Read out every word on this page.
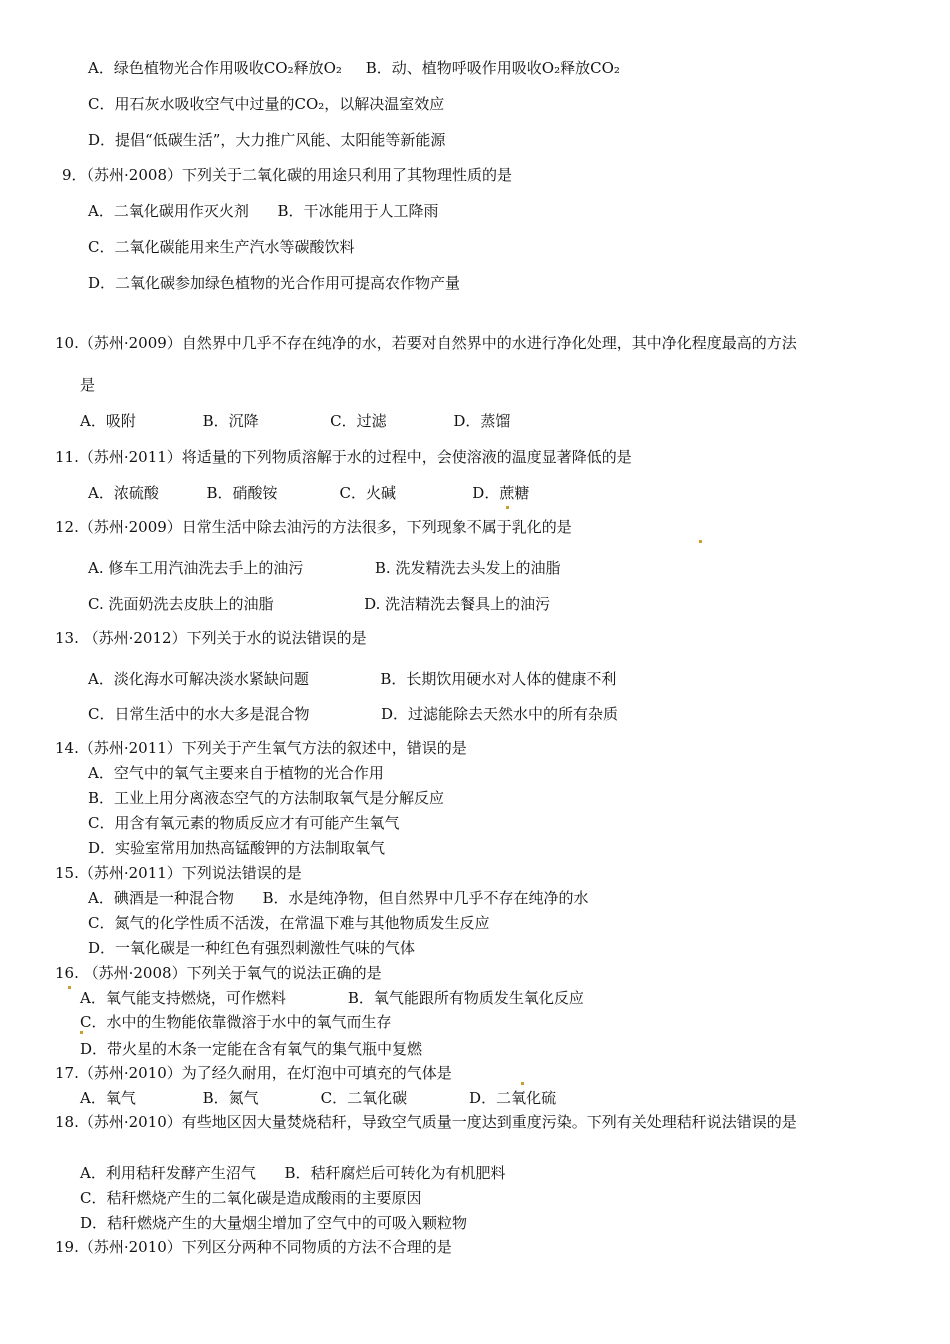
A．绿色植物光合作用吸收CO₂释放O₂     B．动、植物呼吸作用吸收O₂释放CO₂
C．用石灰水吸收空气中过量的CO₂，以解决温室效应
D．提倡“低碳生活”，大力推广风能、太阳能等新能源
9．（苏州·2008）下列关于二氧化碳的用途只利用了其物理性质的是
A．二氧化碳用作灭火剂      B．干冰能用于人工降雨
C．二氧化碳能用来生产汽水等碳酸饮料
D．二氧化碳参加绿色植物的光合作用可提高农作物产量
10.（苏州·2009）自然界中几乎不存在纯净的水，若要对自然界中的水进行净化处理，其中净化程度最高的方法
是
A．吸附              B．沉降               C．过滤              D．蒸馏
11.（苏州·2011）将适量的下列物质溶解于水的过程中，会使溶液的温度显著降低的是
A．浓硫酸          B．硝酸铵             C．火碱                D．蔗糖
12.（苏州·2009）日常生活中除去油污的方法很多，下列现象不属于乳化的是
A. 修车工用汽油洗去手上的油污               B. 洗发精洗去头发上的油脂
C. 洗面奶洗去皮肤上的油脂                   D. 洗洁精洗去餐具上的油污
13. （苏州·2012）下列关于水的说法错误的是
A．淡化海水可解决淡水紧缺问题               B．长期饮用硬水对人体的健康不利
C．日常生活中的水大多是混合物               D．过滤能除去天然水中的所有杂质
14.（苏州·2011）下列关于产生氧气方法的叙述中，错误的是
A．空气中的氧气主要来自于植物的光合作用
B．工业上用分离液态空气的方法制取氧气是分解反应
C．用含有氧元素的物质反应才有可能产生氧气
D．实验室常用加热高锰酸钾的方法制取氧气
15.（苏州·2011）下列说法错误的是
A．碘酒是一种混合物      B．水是纯净物，但自然界中几乎不存在纯净的水
C．氮气的化学性质不活泼，在常温下难与其他物质发生反应
D．一氧化碳是一种红色有强烈刺激性气味的气体
16. （苏州·2008）下列关于氧气的说法正确的是
A．氧气能支持燃烧，可作燃料             B．氧气能跟所有物质发生氧化反应
C．水中的生物能依靠微溶于水中的氧气而生存
D．带火星的木条一定能在含有氧气的集气瓶中复燃
17.（苏州·2010）为了经久耐用，在灯泡中可填充的气体是
A．氧气              B．氮气             C．二氧化碳             D．二氧化硫
18.（苏州·2010）有些地区因大量焚烧秸秆，导致空气质量一度达到重度污染。下列有关处理秸秆说法错误的是
A．利用秸秆发酵产生沼气      B．秸秆腐烂后可转化为有机肥料
C．秸秆燃烧产生的二氧化碳是造成酸雨的主要原因
D．秸秆燃烧产生的大量烟尘增加了空气中的可吸入颗粒物
19.（苏州·2010）下列区分两种不同物质的方法不合理的是
